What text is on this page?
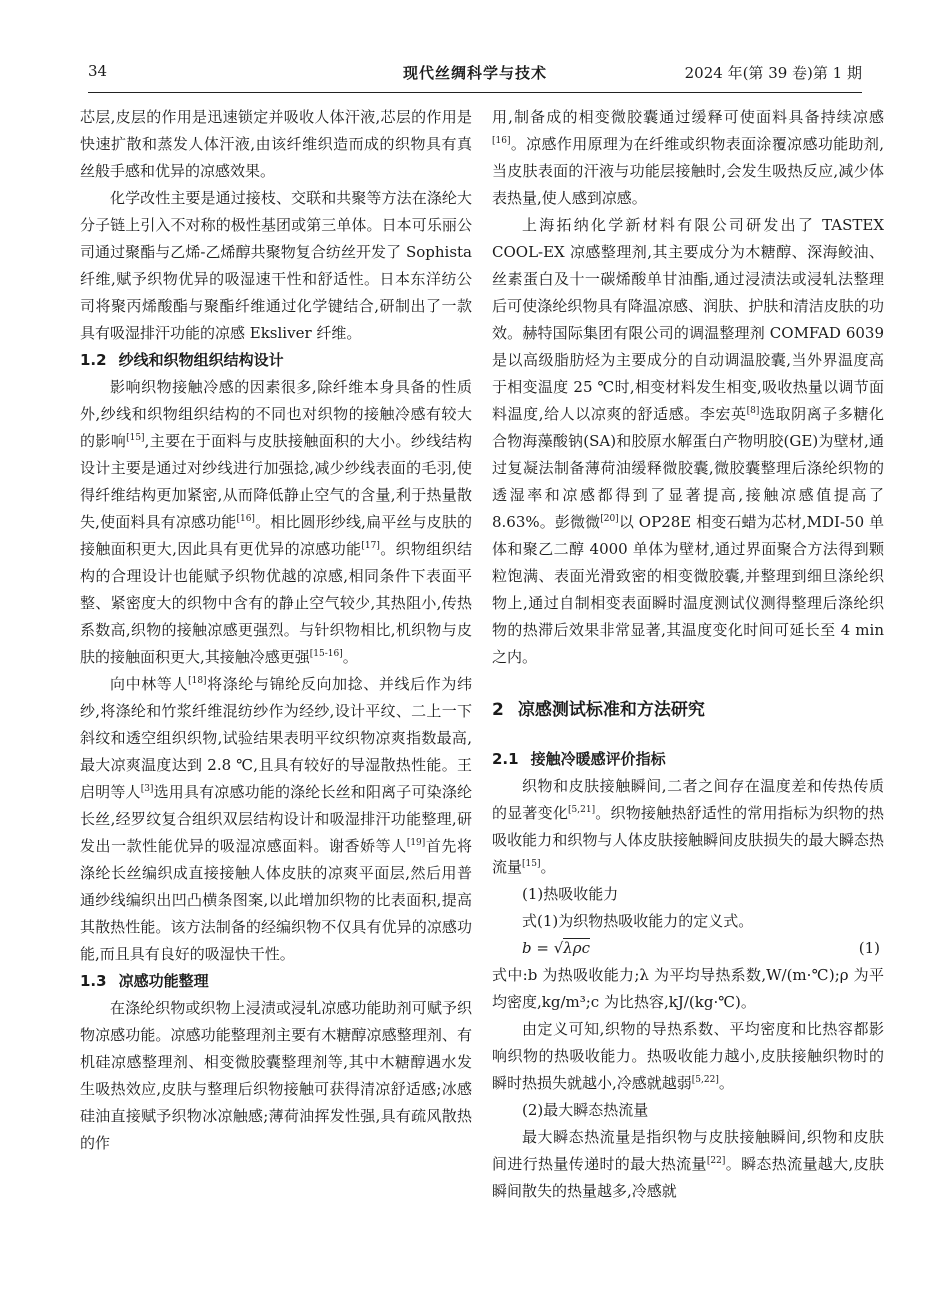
34	现代丝绸科学与技术	2024 年(第 39 卷)第 1 期

芯层,皮层的作用是迅速锁定并吸收人体汗液,芯层的作用是快速扩散和蒸发人体汗液,由该纤维织造而成的织物具有真丝般手感和优异的凉感效果。

化学改性主要是通过接枝、交联和共聚等方法在涤纶大分子链上引入不对称的极性基团或第三单体。日本可乐丽公司通过聚酯与乙烯-乙烯醇共聚物复合纺丝开发了 Sophista 纤维,赋予织物优异的吸湿速干性和舒适性。日本东洋纺公司将聚丙烯酸酯与聚酯纤维通过化学键结合,研制出了一款具有吸湿排汗功能的凉感 Eksliver 纤维。

1.2 纱线和织物组织结构设计

影响织物接触冷感的因素很多,除纤维本身具备的性质外,纱线和织物组织结构的不同也对织物的接触冷感有较大的影响[15],主要在于面料与皮肤接触面积的大小。纱线结构设计主要是通过对纱线进行加强捻,减少纱线表面的毛羽,使得纤维结构更加紧密,从而降低静止空气的含量,利于热量散失,使面料具有凉感功能[16]。相比圆形纱线,扁平丝与皮肤的接触面积更大,因此具有更优异的凉感功能[17]。织物组织结构的合理设计也能赋予织物优越的凉感,相同条件下表面平整、紧密度大的织物中含有的静止空气较少,其热阻小,传热系数高,织物的接触凉感更强烈。与针织物相比,机织物与皮肤的接触面积更大,其接触冷感更强[15-16]。

向中林等人[18]将涤纶与锦纶反向加捻、并线后作为纬纱,将涤纶和竹浆纤维混纺纱作为经纱,设计平纹、二上一下斜纹和透空组织织物,试验结果表明平纹织物凉爽指数最高,最大凉爽温度达到 2.8 ℃,且具有较好的导湿散热性能。王启明等人[3]选用具有凉感功能的涤纶长丝和阳离子可染涤纶长丝,经罗纹复合组织双层结构设计和吸湿排汗功能整理,研发出一款性能优异的吸湿凉感面料。谢香娇等人[19]首先将涤纶长丝编织成直接接触人体皮肤的凉爽平面层,然后用普通纱线编织出凹凸横条图案,以此增加织物的比表面积,提高其散热性能。该方法制备的经编织物不仅具有优异的凉感功能,而且具有良好的吸湿快干性。

1.3 凉感功能整理

在涤纶织物或织物上浸渍或浸轧凉感功能助剂可赋予织物凉感功能。凉感功能整理剂主要有木糖醇凉感整理剂、有机硅凉感整理剂、相变微胶囊整理剂等,其中木糖醇遇水发生吸热效应,皮肤与整理后织物接触可获得清凉舒适感;冰感硅油直接赋予织物冰凉触感;薄荷油挥发性强,具有疏风散热的作

用,制备成的相变微胶囊通过缓释可使面料具备持续凉感[16]。凉感作用原理为在纤维或织物表面涂覆凉感功能助剂,当皮肤表面的汗液与功能层接触时,会发生吸热反应,减少体表热量,使人感到凉感。

上海拓纳化学新材料有限公司研发出了 TASTEX COOL-EX 凉感整理剂,其主要成分为木糖醇、深海鲛油、丝素蛋白及十一碳烯酸单甘油酯,通过浸渍法或浸轧法整理后可使涤纶织物具有降温凉感、润肤、护肤和清洁皮肤的功效。赫特国际集团有限公司的调温整理剂 COMFAD 6039 是以高级脂肪烃为主要成分的自动调温胶囊,当外界温度高于相变温度 25 ℃时,相变材料发生相变,吸收热量以调节面料温度,给人以凉爽的舒适感。李宏英[8]选取阴离子多糖化合物海藻酸钠(SA)和胶原水解蛋白产物明胶(GE)为壁材,通过复凝法制备薄荷油缓释微胶囊,微胶囊整理后涤纶织物的透湿率和凉感都得到了显著提高,接触凉感值提高了 8.63%。彭微微[20]以 OP28E 相变石蜡为芯材,MDI-50 单体和聚乙二醇 4000 单体为壁材,通过界面聚合方法得到颗粒饱满、表面光滑致密的相变微胶囊,并整理到细旦涤纶织物上,通过自制相变表面瞬时温度测试仪测得整理后涤纶织物的热滞后效果非常显著,其温度变化时间可延长至 4 min 之内。

2 凉感测试标准和方法研究
2.1 接触冷暖感评价指标

织物和皮肤接触瞬间,二者之间存在温度差和传热传质的显著变化[5,21]。织物接触热舒适性的常用指标为织物的热吸收能力和织物与人体皮肤接触瞬间皮肤损失的最大瞬态热流量[15]。

(1)热吸收能力

式(1)为织物热吸收能力的定义式。

b = √λρc	(1)

式中:b 为热吸收能力;λ 为平均导热系数,W/(m·℃);ρ 为平均密度,kg/m³;c 为比热容,kJ/(kg·℃)。

由定义可知,织物的导热系数、平均密度和比热容都影响织物的热吸收能力。热吸收能力越小,皮肤接触织物时的瞬时热损失就越小,冷感就越弱[5,22]。

(2)最大瞬态热流量

最大瞬态热流量是指织物与皮肤接触瞬间,织物和皮肤间进行热量传递时的最大热流量[22]。瞬态热流量越大,皮肤瞬间散失的热量越多,冷感就
